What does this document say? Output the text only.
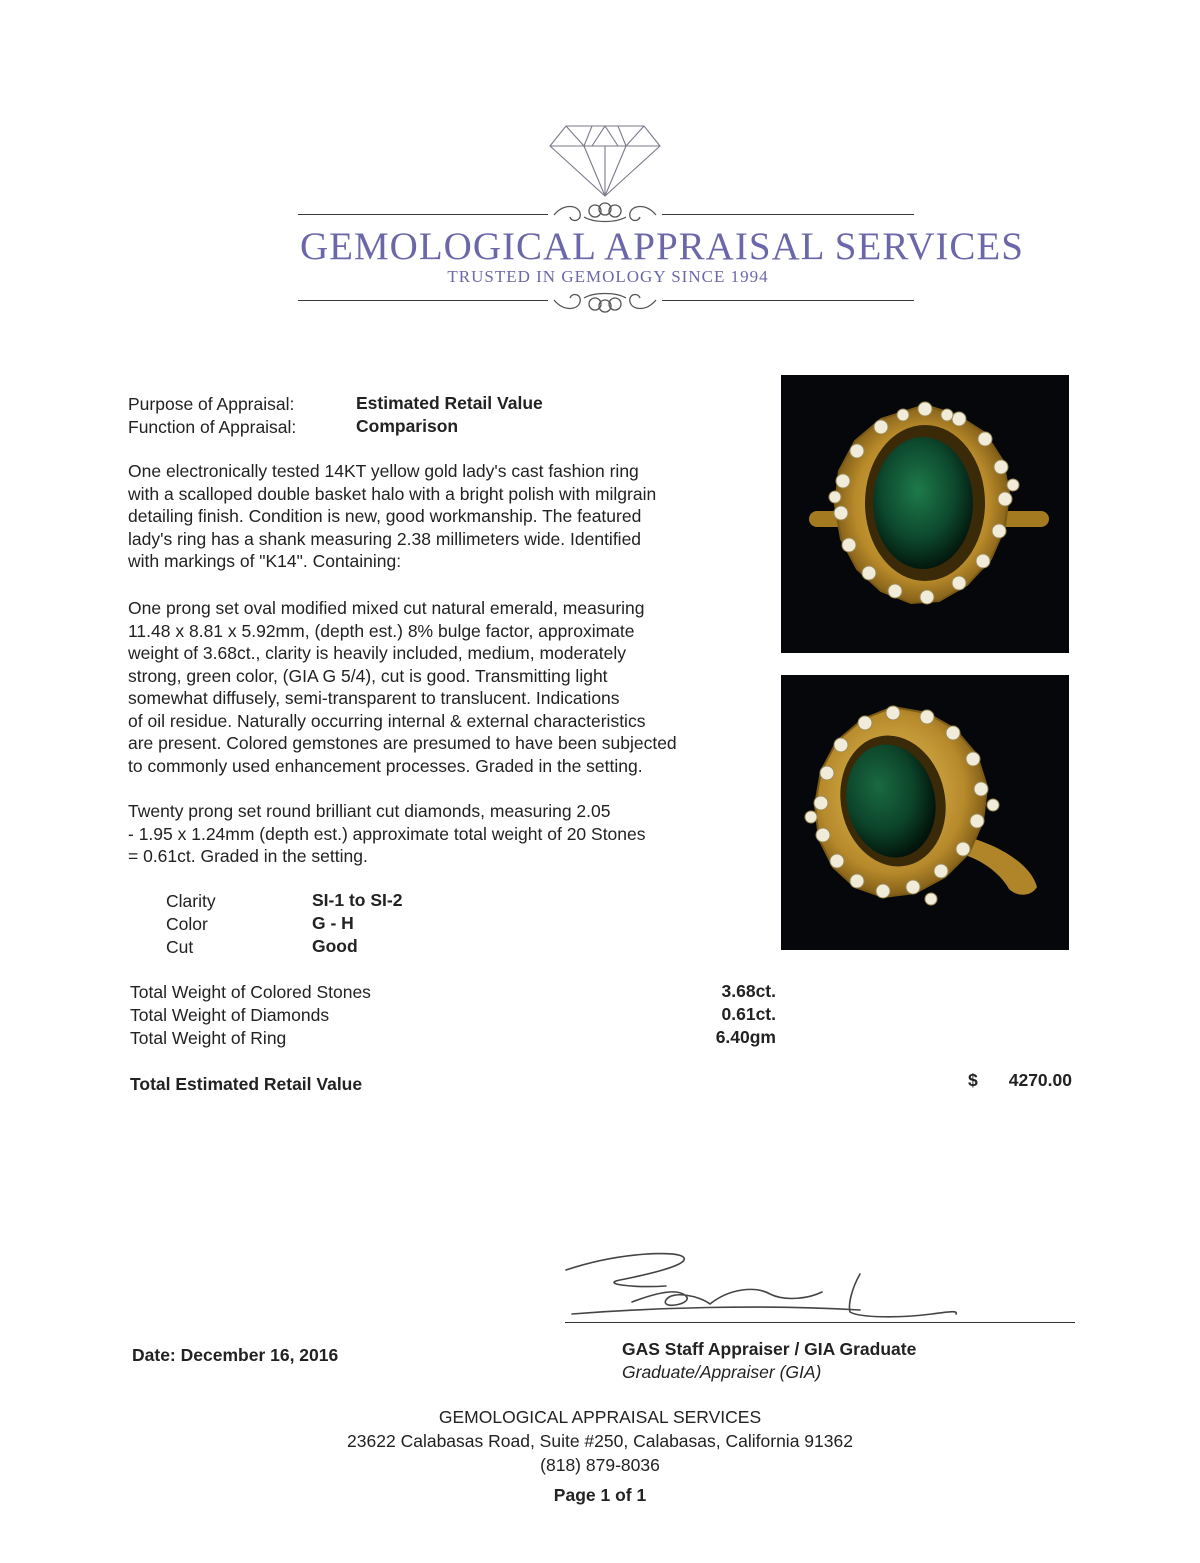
GEMOLOGICAL APPRAISAL SERVICES
TRUSTED IN GEMOLOGY SINCE 1994
Purpose of Appraisal:	Estimated Retail Value
Function of Appraisal:	Comparison
One electronically tested 14KT yellow gold lady's cast fashion ring
with a scalloped double basket halo with a bright polish with milgrain
detailing finish. Condition is new, good workmanship. The featured
lady's ring has a shank measuring 2.38 millimeters wide. Identified
with markings of "K14". Containing:
One prong set oval modified mixed cut natural emerald, measuring
11.48 x 8.81 x 5.92mm, (depth est.) 8% bulge factor, approximate
weight of 3.68ct., clarity is heavily included, medium, moderately
strong, green color, (GIA G 5/4), cut is good. Transmitting light
somewhat diffusely, semi-transparent to translucent. Indications
of oil residue. Naturally occurring internal & external characteristics
are present. Colored gemstones are presumed to have been subjected
to commonly used enhancement processes. Graded in the setting.
Twenty prong set round brilliant cut diamonds, measuring 2.05
- 1.95 x 1.24mm (depth est.) approximate total weight of 20 Stones
= 0.61ct. Graded in the setting.
Clarity	SI-1 to SI-2
Color	G - H
Cut	Good
Total Weight of Colored Stones	3.68ct.
Total Weight of Diamonds	0.61ct.
Total Weight of Ring	6.40gm
Total Estimated Retail Value	$	4270.00
Date: December 16, 2016	GAS Staff Appraiser / GIA Graduate
Graduate/Appraiser (GIA)
GEMOLOGICAL APPRAISAL SERVICES
23622 Calabasas Road, Suite #250, Calabasas, California 91362
(818) 879-8036
Page 1 of 1
